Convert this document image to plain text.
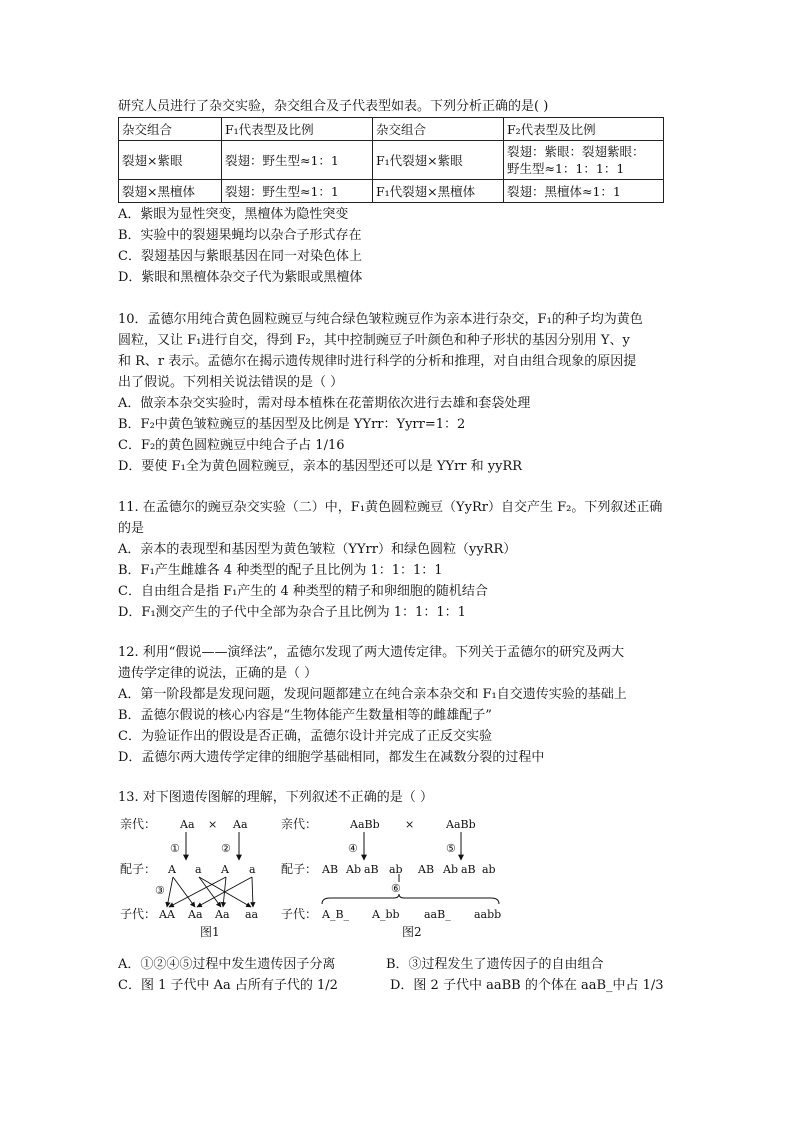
研究人员进行了杂交实验，杂交组合及子代表型如表。下列分析正确的是( )
杂交组合	F₁代表型及比例	杂交组合	F₂代表型及比例
裂翅×紫眼	裂翅：野生型≈1：1	F₁代裂翅×紫眼	裂翅：紫眼：裂翅紫眼：
野生型≈1：1：1：1

裂翅×黑檀体	裂翅：野生型≈1：1	F₁代裂翅×黑檀体	裂翅：黑檀体≈1：1
A．紫眼为显性突变，黑檀体为隐性突变
B．实验中的裂翅果蝇均以杂合子形式存在
C．裂翅基因与紫眼基因在同一对染色体上
D．紫眼和黑檀体杂交子代为紫眼或黑檀体
10．孟德尔用纯合黄色圆粒豌豆与纯合绿色皱粒豌豆作为亲本进行杂交，F₁的种子均为黄色
圆粒，又让 F₁进行自交，得到 F₂，其中控制豌豆子叶颜色和种子形状的基因分别用 Y、y
和 R、r 表示。孟德尔在揭示遗传规律时进行科学的分析和推理，对自由组合现象的原因提
出了假说。下列相关说法错误的是（ ）
A．做亲本杂交实验时，需对母本植株在花蕾期依次进行去雄和套袋处理
B．F₂中黄色皱粒豌豆的基因型及比例是 YYrr：Yyrr=1：2
C．F₂的黄色圆粒豌豆中纯合子占 1/16
D．要使 F₁全为黄色圆粒豌豆，亲本的基因型还可以是 YYrr 和 yyRR
11. 在孟德尔的豌豆杂交实验（二）中，F₁黄色圆粒豌豆（YyRr）自交产生 F₂。下列叙述正确
的是
A．亲本的表现型和基因型为黄色皱粒（YYrr）和绿色圆粒（yyRR）
B．F₁产生雌雄各 4 种类型的配子且比例为 1：1：1：1
C．自由组合是指 F₁产生的 4 种类型的精子和卵细胞的随机结合
D．F₁测交产生的子代中全部为杂合子且比例为 1：1：1：1
12. 利用“假说——演绎法”，孟德尔发现了两大遗传定律。下列关于孟德尔的研究及两大
遗传学定律的说法，正确的是（ ）
A．第一阶段都是发现问题，发现问题都建立在纯合亲本杂交和 F₁自交遗传实验的基础上
B．孟德尔假说的核心内容是“生物体能产生数量相等的雌雄配子”
C．为验证作出的假设是否正确，孟德尔设计并完成了正反交实验
D．孟德尔两大遗传学定律的细胞学基础相同，都发生在减数分裂的过程中
13. 对下图遗传图解的理解，下列叙述不正确的是（ ）
亲代： Aa × Aa
①	②
配子： A a A a
③
子代： AA Aa Aa aa
图1
亲代：	AaBb ×	AaBb
④	⑤
配子： AB Ab aB ab AB Ab aB ab
⑥
子代： A_B_ A_bb aaB_ aabb
图2
A．①②④⑤过程中发生遗传因子分离	B．③过程发生了遗传因子的自由组合
C．图 1 子代中 Aa 占所有子代的 1/2	D．图 2 子代中 aaBB 的个体在 aaB_中占 1/3
